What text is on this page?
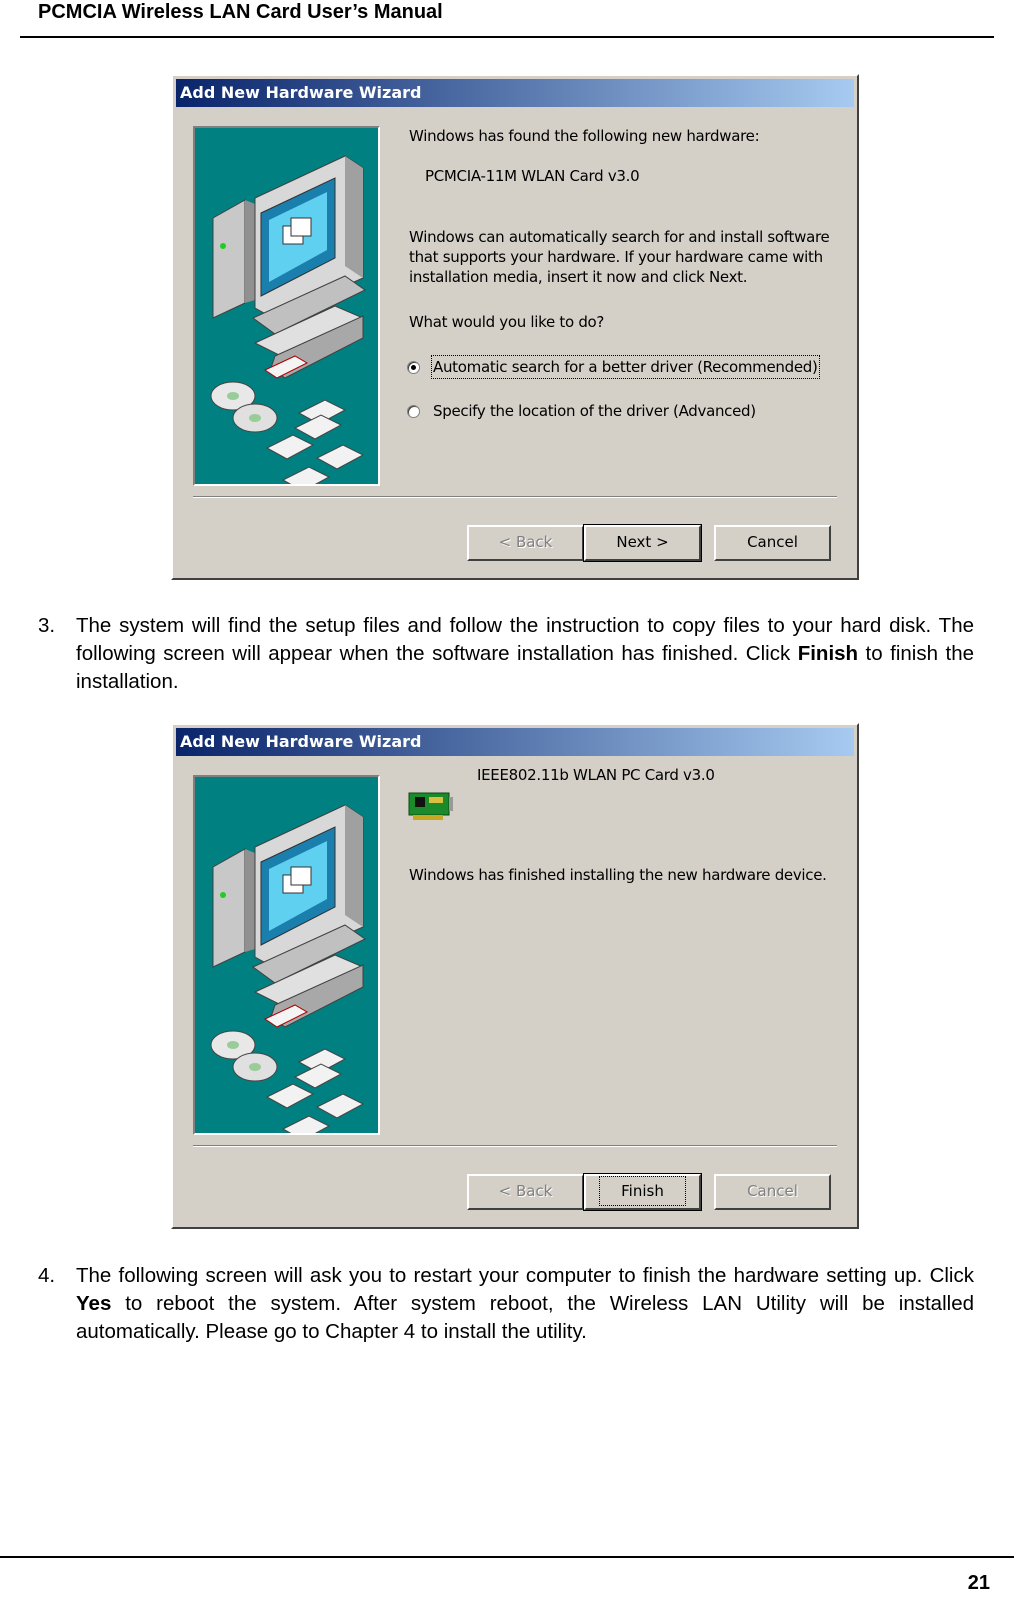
PCMCIA Wireless LAN Card User’s Manual
Add New Hardware Wizard
Windows has found the following new hardware:
PCMCIA-11M WLAN Card v3.0
Windows can automatically search for and install software
that supports your hardware. If your hardware came with
installation media, insert it now and click Next.
What would you like to do?
Automatic search for a better driver (Recommended)
Specify the location of the driver (Advanced)
< Back	Next >	Cancel
3. The system will find the setup files and follow the instruction to copy files to your hard disk. The following screen will appear when the software installation has finished. Click Finish to finish the installation.
Add New Hardware Wizard
IEEE802.11b WLAN PC Card v3.0
Windows has finished installing the new hardware device.
< Back	Finish	Cancel
4. The following screen will ask you to restart your computer to finish the hardware setting up. Click Yes to reboot the system. After system reboot, the Wireless LAN Utility will be installed automatically. Please go to Chapter 4 to install the utility.
21
